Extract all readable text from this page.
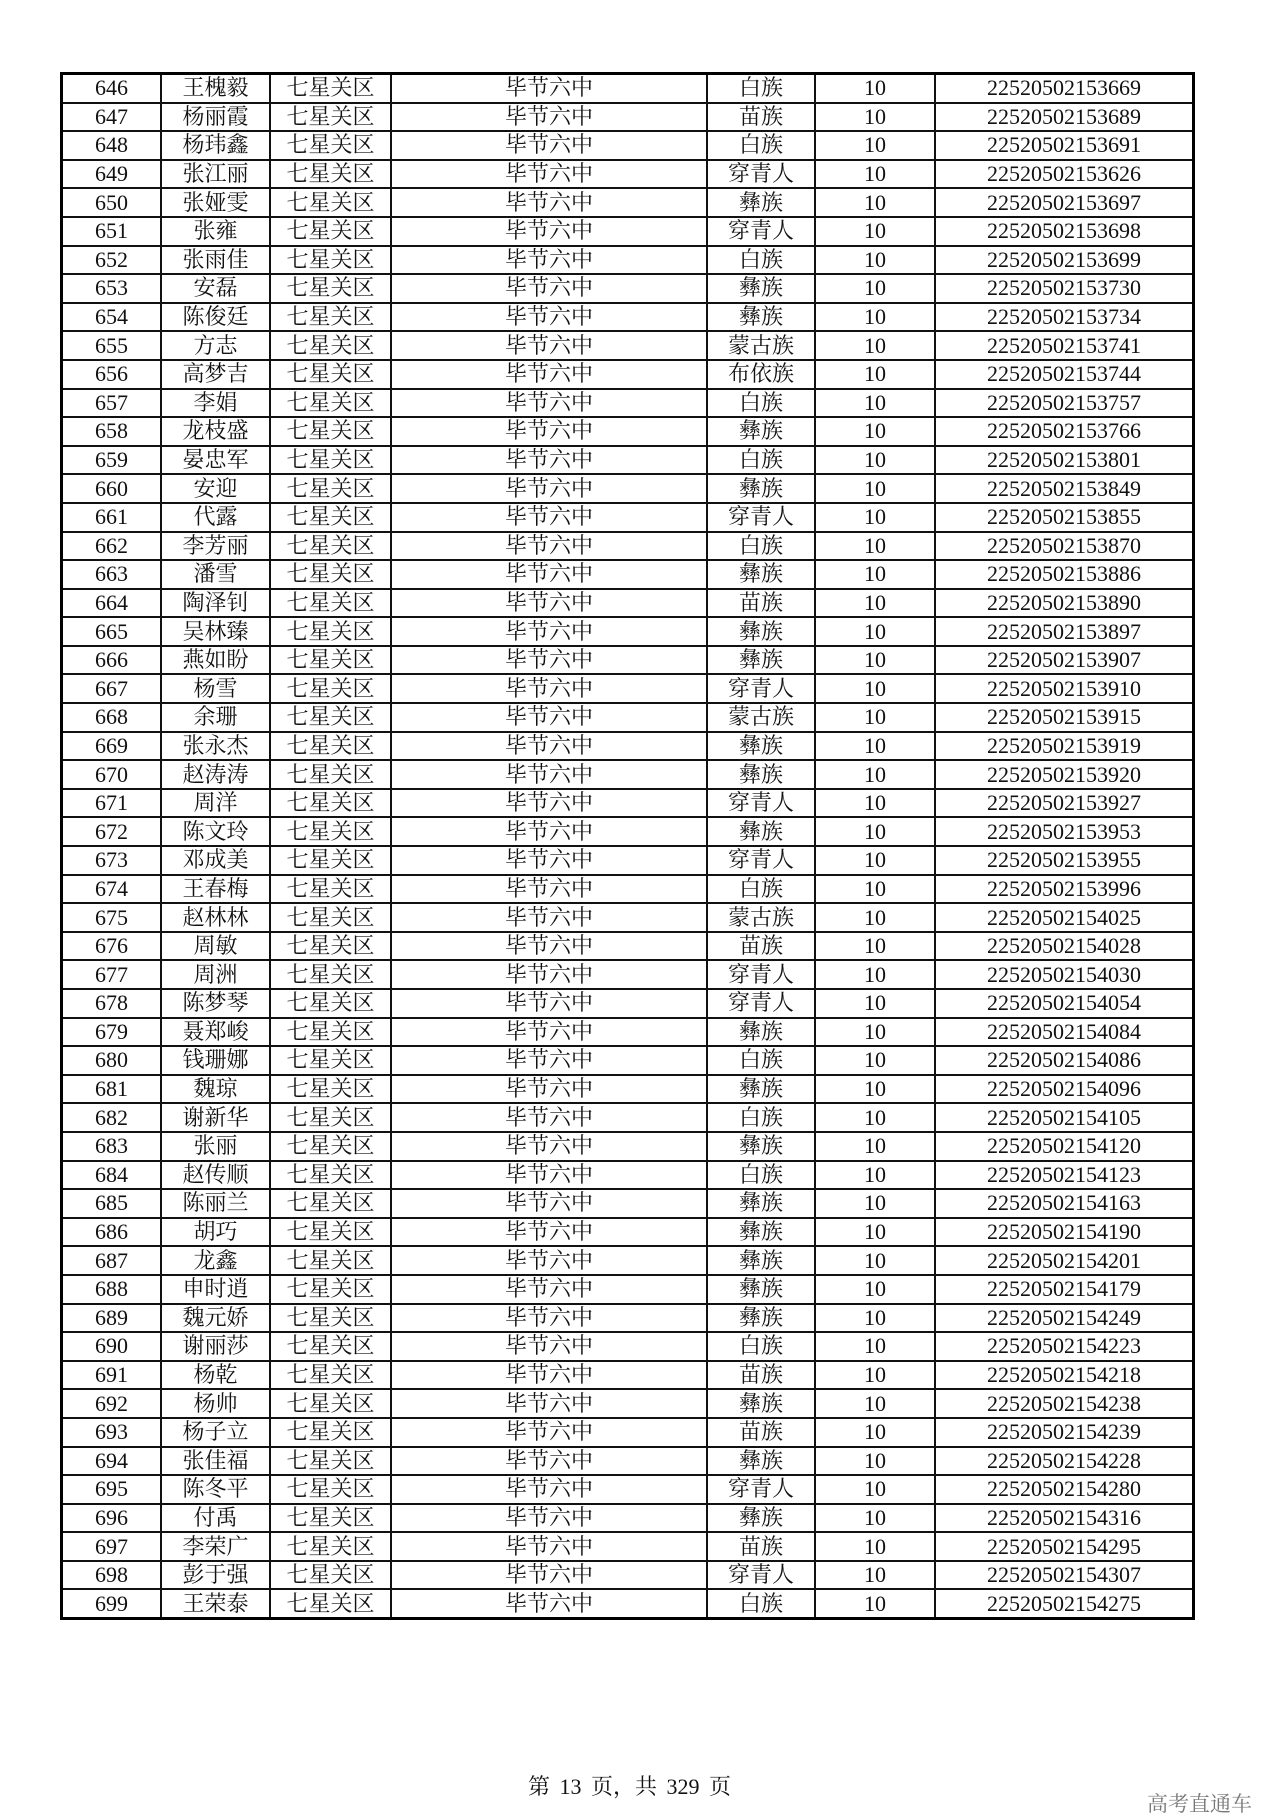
646	王槐毅	七星关区	毕节六中	白族	10	22520502153669
647	杨丽霞	七星关区	毕节六中	苗族	10	22520502153689
648	杨玮鑫	七星关区	毕节六中	白族	10	22520502153691
649	张江丽	七星关区	毕节六中	穿青人	10	22520502153626
650	张娅雯	七星关区	毕节六中	彝族	10	22520502153697
651	张雍	七星关区	毕节六中	穿青人	10	22520502153698
652	张雨佳	七星关区	毕节六中	白族	10	22520502153699
653	安磊	七星关区	毕节六中	彝族	10	22520502153730
654	陈俊廷	七星关区	毕节六中	彝族	10	22520502153734
655	方志	七星关区	毕节六中	蒙古族	10	22520502153741
656	高梦吉	七星关区	毕节六中	布依族	10	22520502153744
657	李娟	七星关区	毕节六中	白族	10	22520502153757
658	龙枝盛	七星关区	毕节六中	彝族	10	22520502153766
659	晏忠军	七星关区	毕节六中	白族	10	22520502153801
660	安迎	七星关区	毕节六中	彝族	10	22520502153849
661	代露	七星关区	毕节六中	穿青人	10	22520502153855
662	李芳丽	七星关区	毕节六中	白族	10	22520502153870
663	潘雪	七星关区	毕节六中	彝族	10	22520502153886
664	陶泽钊	七星关区	毕节六中	苗族	10	22520502153890
665	吴林臻	七星关区	毕节六中	彝族	10	22520502153897
666	燕如盼	七星关区	毕节六中	彝族	10	22520502153907
667	杨雪	七星关区	毕节六中	穿青人	10	22520502153910
668	余珊	七星关区	毕节六中	蒙古族	10	22520502153915
669	张永杰	七星关区	毕节六中	彝族	10	22520502153919
670	赵涛涛	七星关区	毕节六中	彝族	10	22520502153920
671	周洋	七星关区	毕节六中	穿青人	10	22520502153927
672	陈文玲	七星关区	毕节六中	彝族	10	22520502153953
673	邓成美	七星关区	毕节六中	穿青人	10	22520502153955
674	王春梅	七星关区	毕节六中	白族	10	22520502153996
675	赵林林	七星关区	毕节六中	蒙古族	10	22520502154025
676	周敏	七星关区	毕节六中	苗族	10	22520502154028
677	周洲	七星关区	毕节六中	穿青人	10	22520502154030
678	陈梦琴	七星关区	毕节六中	穿青人	10	22520502154054
679	聂郑峻	七星关区	毕节六中	彝族	10	22520502154084
680	钱珊娜	七星关区	毕节六中	白族	10	22520502154086
681	魏琼	七星关区	毕节六中	彝族	10	22520502154096
682	谢新华	七星关区	毕节六中	白族	10	22520502154105
683	张丽	七星关区	毕节六中	彝族	10	22520502154120
684	赵传顺	七星关区	毕节六中	白族	10	22520502154123
685	陈丽兰	七星关区	毕节六中	彝族	10	22520502154163
686	胡巧	七星关区	毕节六中	彝族	10	22520502154190
687	龙鑫	七星关区	毕节六中	彝族	10	22520502154201
688	申时逍	七星关区	毕节六中	彝族	10	22520502154179
689	魏元娇	七星关区	毕节六中	彝族	10	22520502154249
690	谢丽莎	七星关区	毕节六中	白族	10	22520502154223
691	杨乾	七星关区	毕节六中	苗族	10	22520502154218
692	杨帅	七星关区	毕节六中	彝族	10	22520502154238
693	杨子立	七星关区	毕节六中	苗族	10	22520502154239
694	张佳福	七星关区	毕节六中	彝族	10	22520502154228
695	陈冬平	七星关区	毕节六中	穿青人	10	22520502154280
696	付禹	七星关区	毕节六中	彝族	10	22520502154316
697	李荣广	七星关区	毕节六中	苗族	10	22520502154295
698	彭于强	七星关区	毕节六中	穿青人	10	22520502154307
699	王荣泰	七星关区	毕节六中	白族	10	22520502154275
第 13 页，共 329 页
高考直通车
